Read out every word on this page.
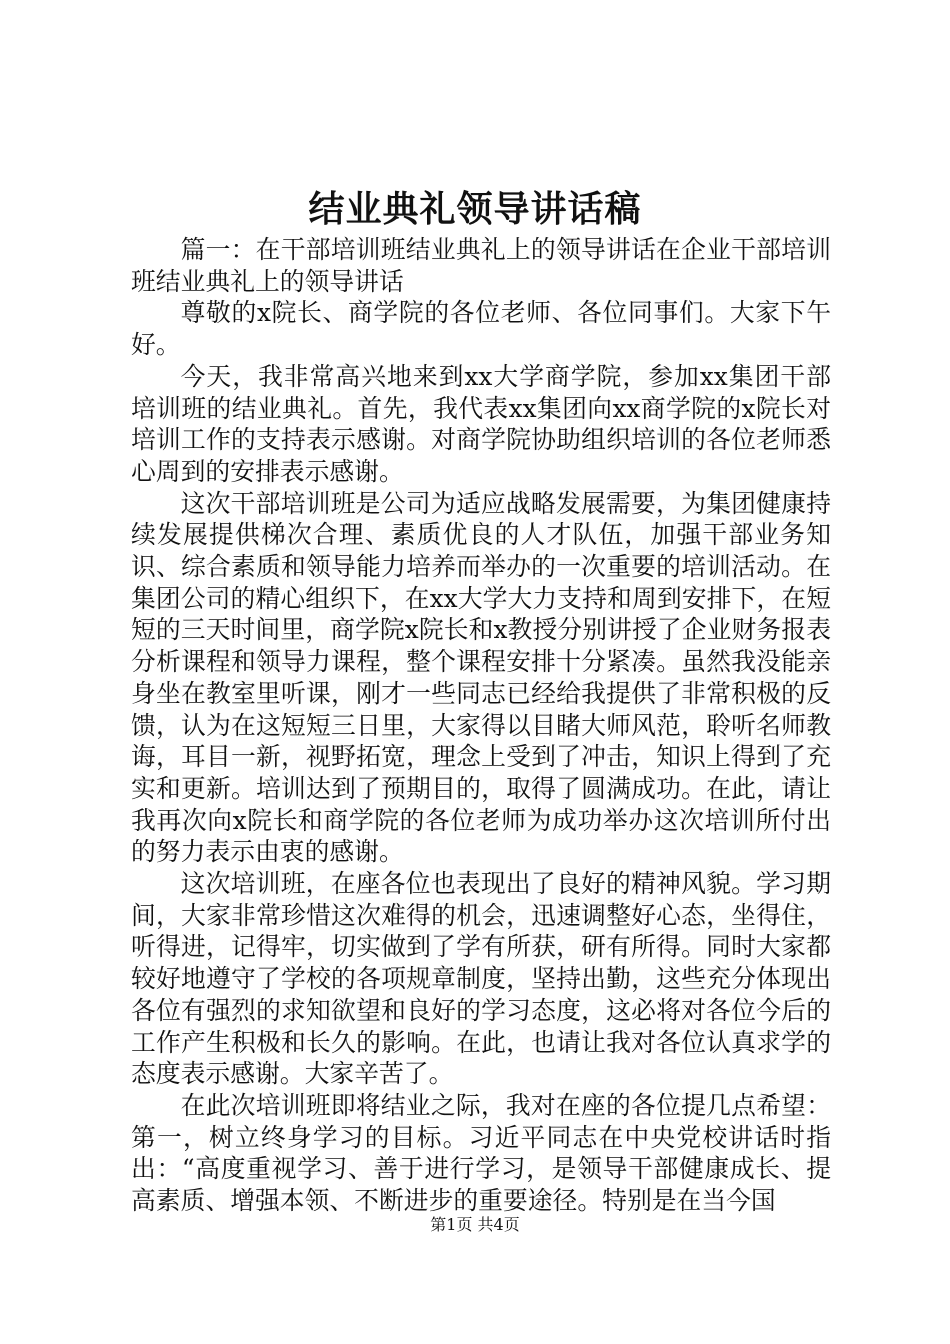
结业典礼领导讲话稿

篇一：在干部培训班结业典礼上的领导讲话在企业干部培训班结业典礼上的领导讲话

尊敬的x院长、商学院的各位老师、各位同事们。大家下午好。

今天，我非常高兴地来到xx大学商学院，参加xx集团干部培训班的结业典礼。首先，我代表xx集团向xx商学院的x院长对培训工作的支持表示感谢。对商学院协助组织培训的各位老师悉心周到的安排表示感谢。

这次干部培训班是公司为适应战略发展需要，为集团健康持续发展提供梯次合理、素质优良的人才队伍，加强干部业务知识、综合素质和领导能力培养而举办的一次重要的培训活动。在集团公司的精心组织下，在xx大学大力支持和周到安排下，在短短的三天时间里，商学院x院长和x教授分别讲授了企业财务报表分析课程和领导力课程，整个课程安排十分紧凑。虽然我没能亲身坐在教室里听课，刚才一些同志已经给我提供了非常积极的反馈，认为在这短短三日里，大家得以目睹大师风范，聆听名师教诲，耳目一新，视野拓宽，理念上受到了冲击，知识上得到了充实和更新。培训达到了预期目的，取得了圆满成功。在此，请让我再次向x院长和商学院的各位老师为成功举办这次培训所付出的努力表示由衷的感谢。

这次培训班，在座各位也表现出了良好的精神风貌。学习期间，大家非常珍惜这次难得的机会，迅速调整好心态，坐得住，听得进，记得牢，切实做到了学有所获，研有所得。同时大家都较好地遵守了学校的各项规章制度，坚持出勤，这些充分体现出各位有强烈的求知欲望和良好的学习态度，这必将对各位今后的工作产生积极和长久的影响。在此，也请让我对各位认真求学的态度表示感谢。大家辛苦了。

在此次培训班即将结业之际，我对在座的各位提几点希望：第一，树立终身学习的目标。习近平同志在中央党校讲话时指出：“高度重视学习、善于进行学习，是领导干部健康成长、提高素质、增强本领、不断进步的重要途径。特别是在当今国

第1页 共4页
